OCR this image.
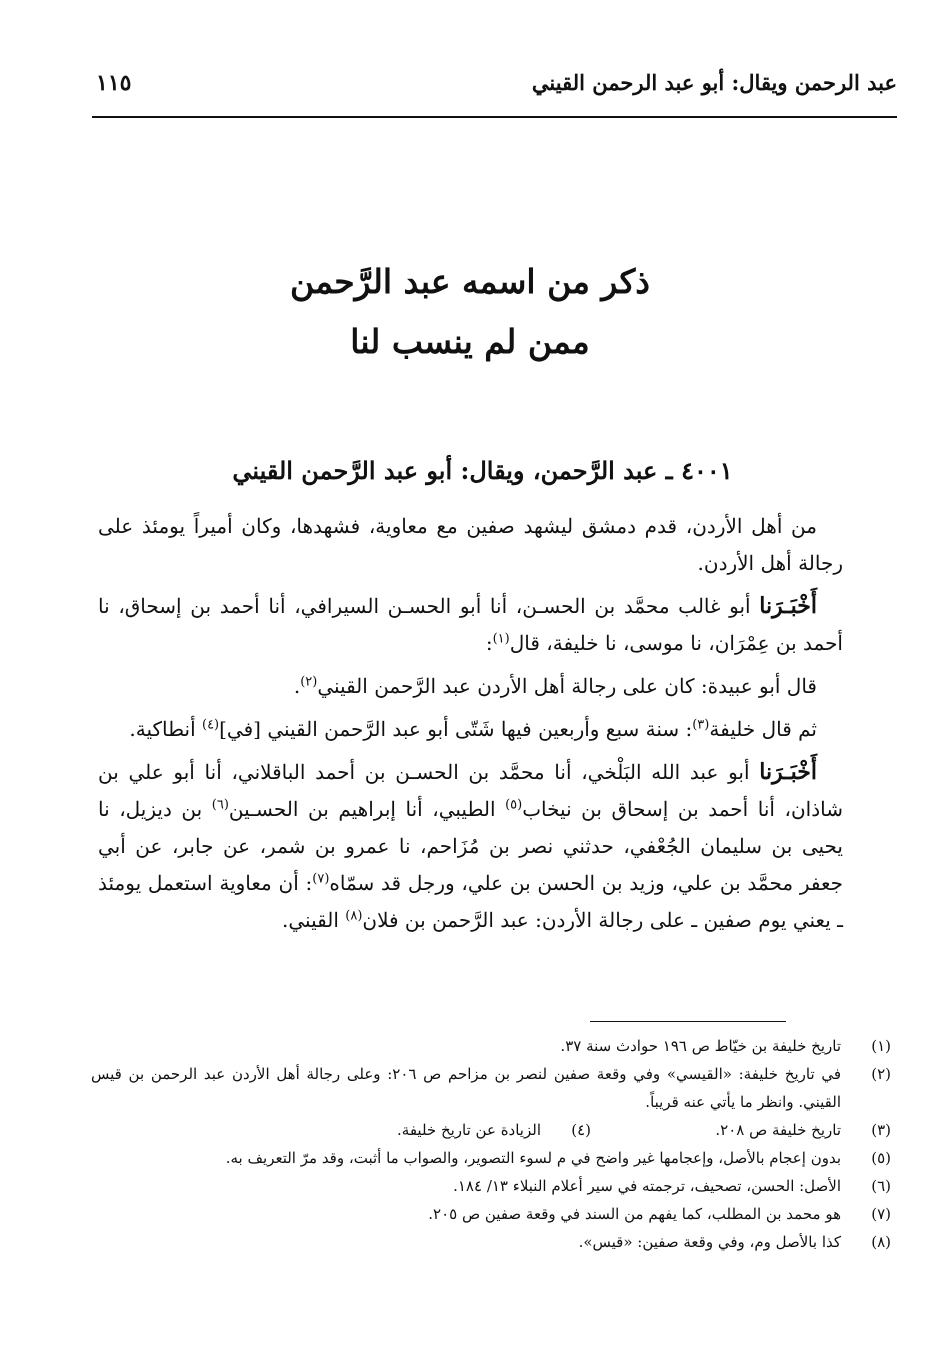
عبد الرحمن ويقال: أبو عبد الرحمن القيني
١١٥
ذكر من اسمه عبد الرَّحمن
ممن لم ينسب لنا
٤٠٠١ ـ عبد الرَّحمن، ويقال: أبو عبد الرَّحمن القيني

من أهل الأردن، قدم دمشق ليشهد صفين مع معاوية، فشهدها، وكان أميراً يومئذ على رجالة أهل الأردن.

أَخْبَـرَنا أبو غالب محمَّد بن الحسـن، أنا أبو الحسـن السيرافي، أنا أحمد بن إسحاق، نا أحمد بن عِمْرَان، نا موسى، نا خليفة، قال$^{(١)}$:

قال أبو عبيدة: كان على رجالة أهل الأردن عبد الرَّحمن القيني$^{(٢)}$.

ثم قال خليفة$^{(٣)}$: سنة سبع وأربعين فيها شَتّى أبو عبد الرَّحمن القيني [في]$^{(٤)}$ أنطاكية.

أَخْبَـرَنا أبو عبد الله البَلْخي، أنا محمَّد بن الحسـن بن أحمد الباقلاني، أنا أبو علي بن شاذان، أنا أحمد بن إسحاق بن نيخاب$^{(٥)}$ الطيبي، أنا إبراهيم بن الحسـين$^{(٦)}$ بن ديزيل، نا يحيى بن سليمان الجُعْفي، حدثني نصر بن مُزَاحم، نا عمرو بن شمر، عن جابر، عن أبي جعفر محمَّد بن علي، وزيد بن الحسن بن علي، ورجل قد سمّاه$^{(٧)}$: أن معاوية استعمل يومئذ ـ يعني يوم صفين ـ على رجالة الأردن: عبد الرَّحمن بن فلان$^{(٨)}$ القيني.

(١)
تاريخ خليفة بن خيّاط ص ١٩٦ حوادث سنة ٣٧.
(٢)
في تاريخ خليفة: «القيسي» وفي وقعة صفين لنصر بن مزاحم ص ٢٠٦: وعلى رجالة أهل الأردن عبد الرحمن بن قيس القيني. وانظر ما يأتي عنه قريباً.
(٣)
تاريخ خليفة ص ٢٠٨.
(٤)
الزيادة عن تاريخ خليفة.
(٥)
بدون إعجام بالأصل، وإعجامها غير واضح في م لسوء التصوير، والصواب ما أثبت، وقد مرّ التعريف به.
(٦)
الأصل: الحسن، تصحيف، ترجمته في سير أعلام النبلاء ١٣/ ١٨٤.
(٧)
هو محمد بن المطلب، كما يفهم من السند في وقعة صفين ص ٢٠٥.
(٨)
كذا بالأصل وم، وفي وقعة صفين: «قيس».
